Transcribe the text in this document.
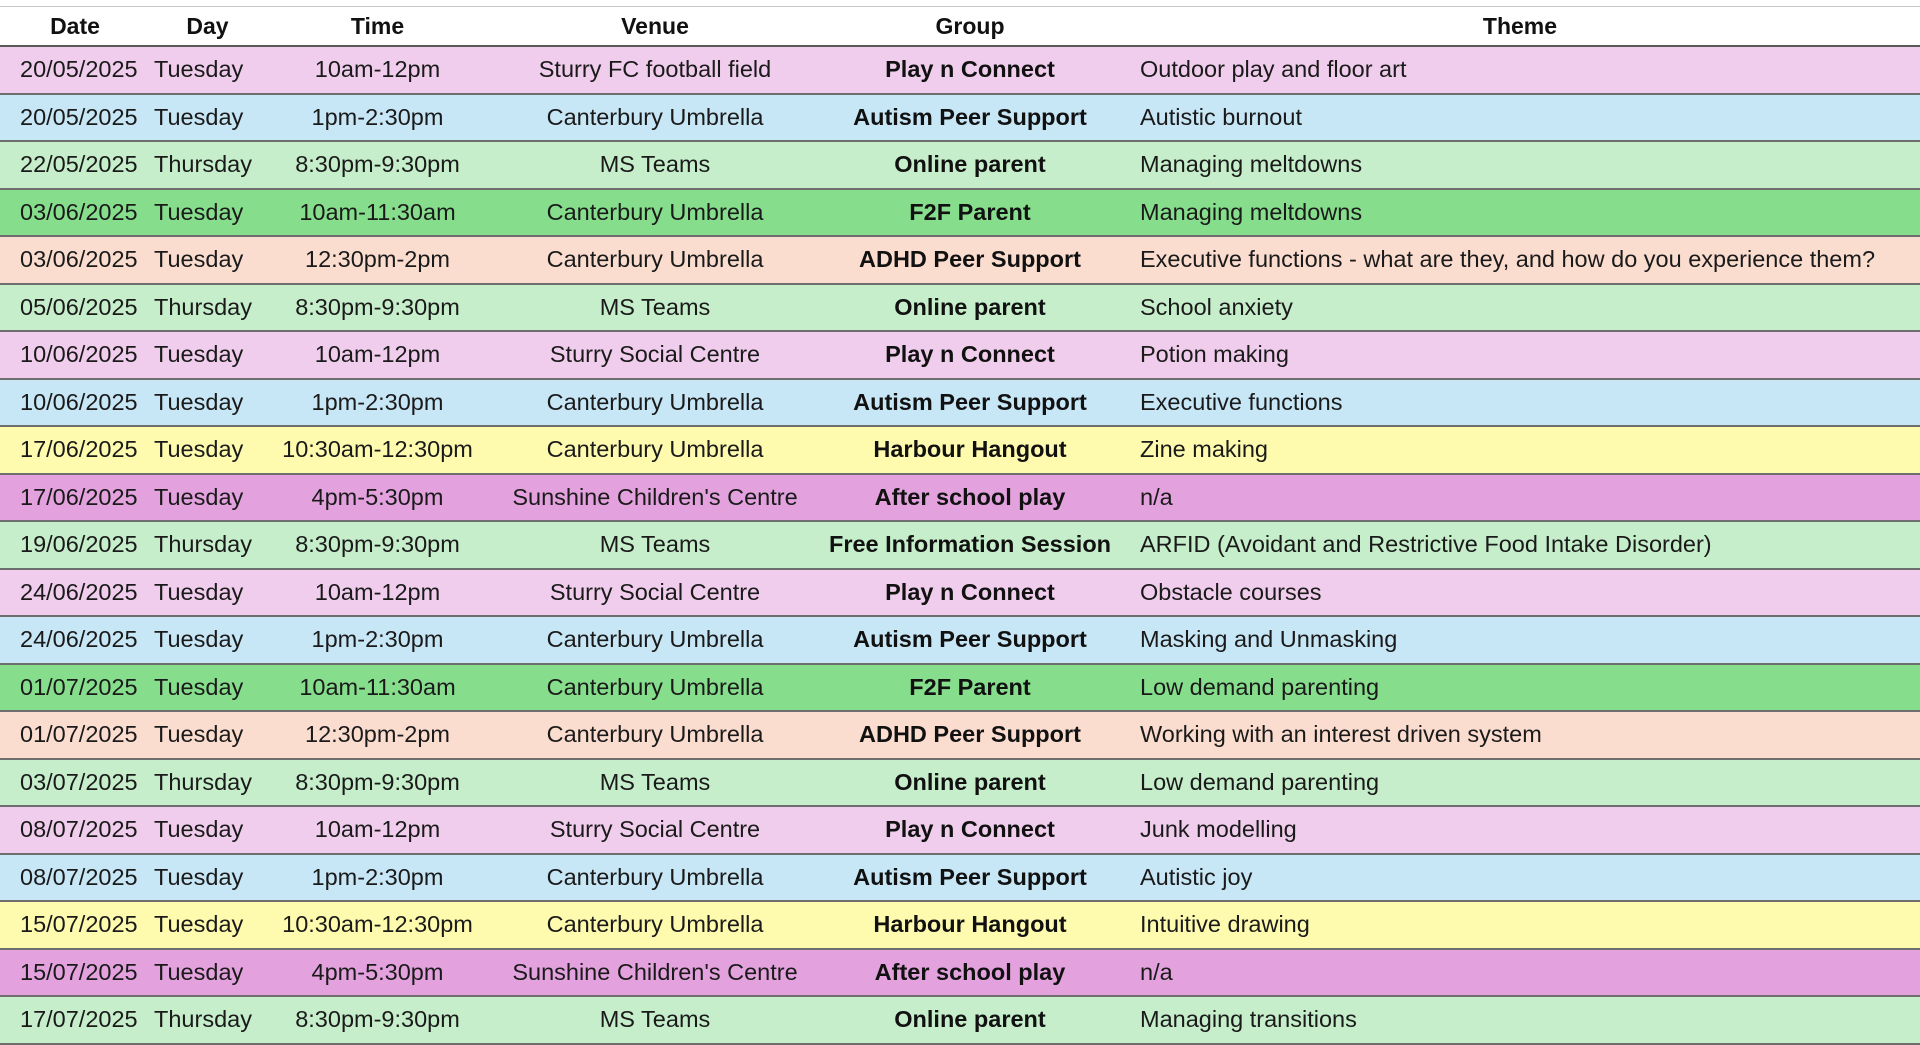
Date	Day	Time	Venue	Group	Theme
20/05/2025	Tuesday	10am-12pm	Sturry FC football field	Play n Connect	Outdoor play and floor art
20/05/2025	Tuesday	1pm-2:30pm	Canterbury Umbrella	Autism Peer Support	Autistic burnout
22/05/2025	Thursday	8:30pm-9:30pm	MS Teams	Online parent	Managing meltdowns
03/06/2025	Tuesday	10am-11:30am	Canterbury Umbrella	F2F Parent	Managing meltdowns
03/06/2025	Tuesday	12:30pm-2pm	Canterbury Umbrella	ADHD Peer Support	Executive functions - what are they, and how do you experience them?
05/06/2025	Thursday	8:30pm-9:30pm	MS Teams	Online parent	School anxiety
10/06/2025	Tuesday	10am-12pm	Sturry Social Centre	Play n Connect	Potion making
10/06/2025	Tuesday	1pm-2:30pm	Canterbury Umbrella	Autism Peer Support	Executive functions
17/06/2025	Tuesday	10:30am-12:30pm	Canterbury Umbrella	Harbour Hangout	Zine making
17/06/2025	Tuesday	4pm-5:30pm	Sunshine Children's Centre	After school play	n/a
19/06/2025	Thursday	8:30pm-9:30pm	MS Teams	Free Information Session	ARFID (Avoidant and Restrictive Food Intake Disorder)
24/06/2025	Tuesday	10am-12pm	Sturry Social Centre	Play n Connect	Obstacle courses
24/06/2025	Tuesday	1pm-2:30pm	Canterbury Umbrella	Autism Peer Support	Masking and Unmasking
01/07/2025	Tuesday	10am-11:30am	Canterbury Umbrella	F2F Parent	Low demand parenting
01/07/2025	Tuesday	12:30pm-2pm	Canterbury Umbrella	ADHD Peer Support	Working with an interest driven system
03/07/2025	Thursday	8:30pm-9:30pm	MS Teams	Online parent	Low demand parenting
08/07/2025	Tuesday	10am-12pm	Sturry Social Centre	Play n Connect	Junk modelling
08/07/2025	Tuesday	1pm-2:30pm	Canterbury Umbrella	Autism Peer Support	Autistic joy
15/07/2025	Tuesday	10:30am-12:30pm	Canterbury Umbrella	Harbour Hangout	Intuitive drawing
15/07/2025	Tuesday	4pm-5:30pm	Sunshine Children's Centre	After school play	n/a
17/07/2025	Thursday	8:30pm-9:30pm	MS Teams	Online parent	Managing transitions
